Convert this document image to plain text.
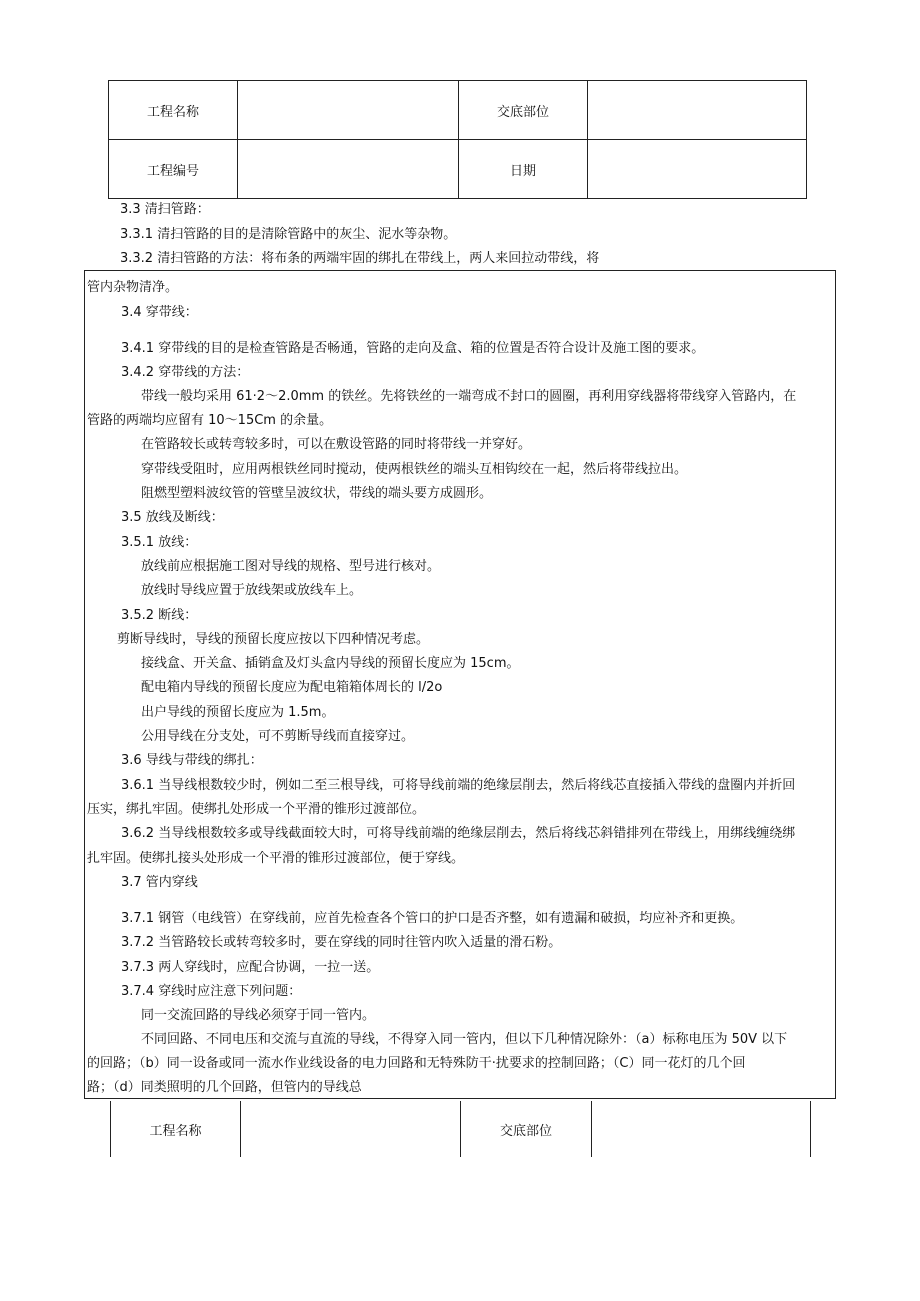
工程名称		交底部位	
工程编号		日期	
3.3 清扫管路：
3.3.1 清扫管路的目的是清除管路中的灰尘、泥水等杂物。
3.3.2 清扫管路的方法：将布条的两端牢固的绑扎在带线上，两人来回拉动带线，将
管内杂物清净。
3.4 穿带线：
3.4.1 穿带线的目的是检查管路是否畅通，管路的走向及盒、箱的位置是否符合设计及施工图的要求。
3.4.2 穿带线的方法：
带线一般均采用 61·2～2.0mm 的铁丝。先将铁丝的一端弯成不封口的圆圈，再利用穿线器将带线穿入管路内，在
管路的两端均应留有 10～15Cm 的余量。
在管路较长或转弯较多时，可以在敷设管路的同时将带线一并穿好。
穿带线受阻时，应用两根铁丝同时搅动，使两根铁丝的端头互相钩绞在一起，然后将带线拉出。
阻燃型塑料波纹管的管壁呈波纹状，带线的端头要方成圆形。
3.5 放线及断线：
3.5.1 放线：
放线前应根据施工图对导线的规格、型号进行核对。
放线时导线应置于放线架或放线车上。
3.5.2 断线：
剪断导线时，导线的预留长度应按以下四种情况考虑。
接线盒、开关盒、插销盒及灯头盒内导线的预留长度应为 15cm。
配电箱内导线的预留长度应为配电箱箱体周长的 l/2o
出户导线的预留长度应为 1.5m。
公用导线在分支处，可不剪断导线而直接穿过。
3.6 导线与带线的绑扎：
3.6.1 当导线根数较少时，例如二至三根导线，可将导线前端的绝缘层削去，然后将线芯直接插入带线的盘圈内并折回
压实，绑扎牢固。使绑扎处形成一个平滑的锥形过渡部位。
3.6.2 当导线根数较多或导线截面较大时，可将导线前端的绝缘层削去，然后将线芯斜错排列在带线上，用绑线缠绕绑
扎牢固。使绑扎接头处形成一个平滑的锥形过渡部位，便于穿线。
3.7 管内穿线
3.7.1 钢管（电线管）在穿线前，应首先检查各个管口的护口是否齐整，如有遗漏和破损，均应补齐和更换。
3.7.2 当管路较长或转弯较多时，要在穿线的同时往管内吹入适量的滑石粉。
3.7.3 两人穿线时，应配合协调，一拉一送。
3.7.4 穿线时应注意下列问题：
同一交流回路的导线必须穿于同一管内。
不同回路、不同电压和交流与直流的导线，不得穿入同一管内，但以下几种情况除外：（a）标称电压为 50V 以下
的回路；（b）同一设备或同一流水作业线设备的电力回路和无特殊防干·扰要求的控制回路；（C）同一花灯的几个回
路；（d）同类照明的几个回路，但管内的导线总
工程名称		交底部位	
